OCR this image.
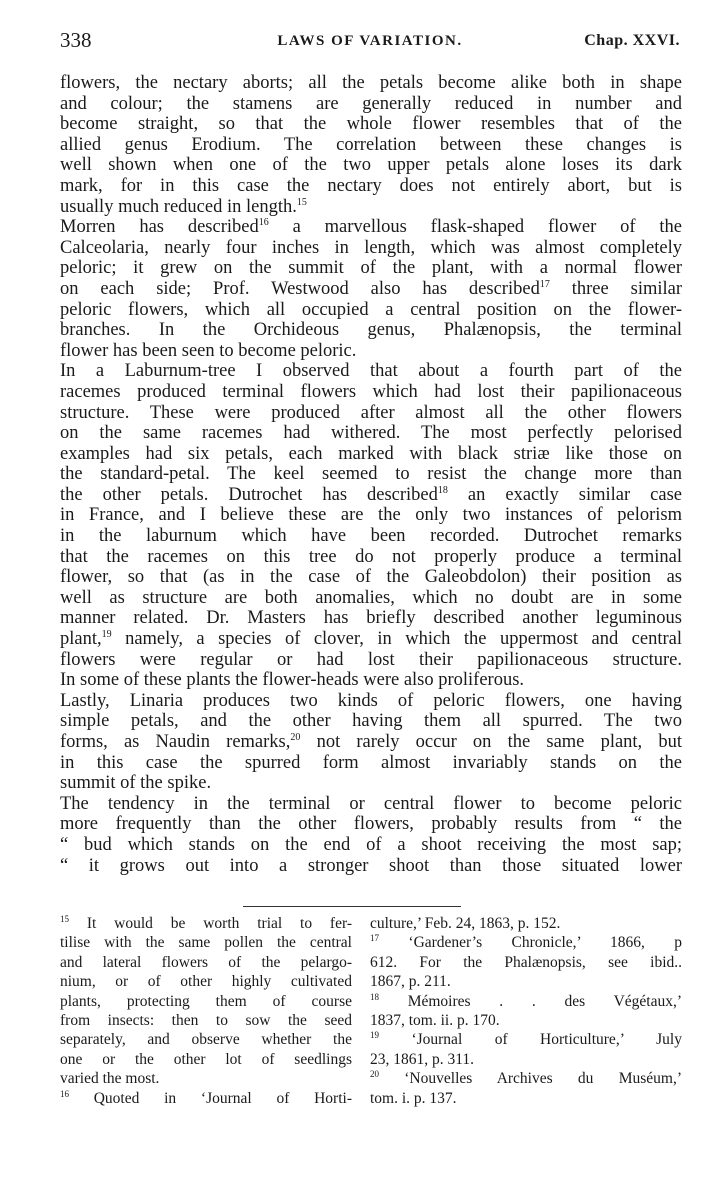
338	LAWS OF VARIATION.	Chap. XXVI.
flowers, the nectary aborts; all the petals become alike both in shape
and colour; the stamens are generally reduced in number and
become straight, so that the whole flower resembles that of the
allied genus Erodium. The correlation between these changes is
well shown when one of the two upper petals alone loses its dark
mark, for in this case the nectary does not entirely abort, but is
usually much reduced in length.$^{15}$
Morren has described$^{16}$ a marvellous flask-shaped flower of the
Calceolaria, nearly four inches in length, which was almost completely
peloric; it grew on the summit of the plant, with a normal flower
on each side; Prof. Westwood also has described$^{17}$ three similar
peloric flowers, which all occupied a central position on the flower-
branches. In the Orchideous genus, Phalænopsis, the terminal
flower has been seen to become peloric.
In a Laburnum-tree I observed that about a fourth part of the
racemes produced terminal flowers which had lost their papilionaceous
structure. These were produced after almost all the other flowers
on the same racemes had withered. The most perfectly pelorised
examples had six petals, each marked with black striæ like those on
the standard-petal. The keel seemed to resist the change more than
the other petals. Dutrochet has described$^{18}$ an exactly similar case
in France, and I believe these are the only two instances of pelorism
in the laburnum which have been recorded. Dutrochet remarks
that the racemes on this tree do not properly produce a terminal
flower, so that (as in the case of the Galeobdolon) their position as
well as structure are both anomalies, which no doubt are in some
manner related. Dr. Masters has briefly described another leguminous
plant,$^{19}$ namely, a species of clover, in which the uppermost and central
flowers were regular or had lost their papilionaceous structure.
In some of these plants the flower-heads were also proliferous.
Lastly, Linaria produces two kinds of peloric flowers, one having
simple petals, and the other having them all spurred. The two
forms, as Naudin remarks,$^{20}$ not rarely occur on the same plant, but
in this case the spurred form almost invariably stands on the
summit of the spike.
The tendency in the terminal or central flower to become peloric
more frequently than the other flowers, probably results from “ the
“ bud which stands on the end of a shoot receiving the most sap;
“ it grows out into a stronger shoot than those situated lower
$^{15}$ It would be worth trial to fer-
tilise with the same pollen the central
and lateral flowers of the pelargo-
nium, or of other highly cultivated
plants, protecting them of course
from insects: then to sow the seed
separately, and observe whether the
one or the other lot of seedlings
varied the most.
$^{16}$ Quoted in ‘Journal of Horti-
culture,’ Feb. 24, 1863, p. 152.
$^{17}$ ‘Gardener’s Chronicle,’ 1866, p
612. For the Phalænopsis, see ibid..
1867, p. 211.
$^{18}$ Mémoires . . des Végétaux,’
1837, tom. ii. p. 170.
$^{19}$ ‘Journal of Horticulture,’ July
23, 1861, p. 311.
$^{20}$ ‘Nouvelles Archives du Muséum,’
tom. i. p. 137.
